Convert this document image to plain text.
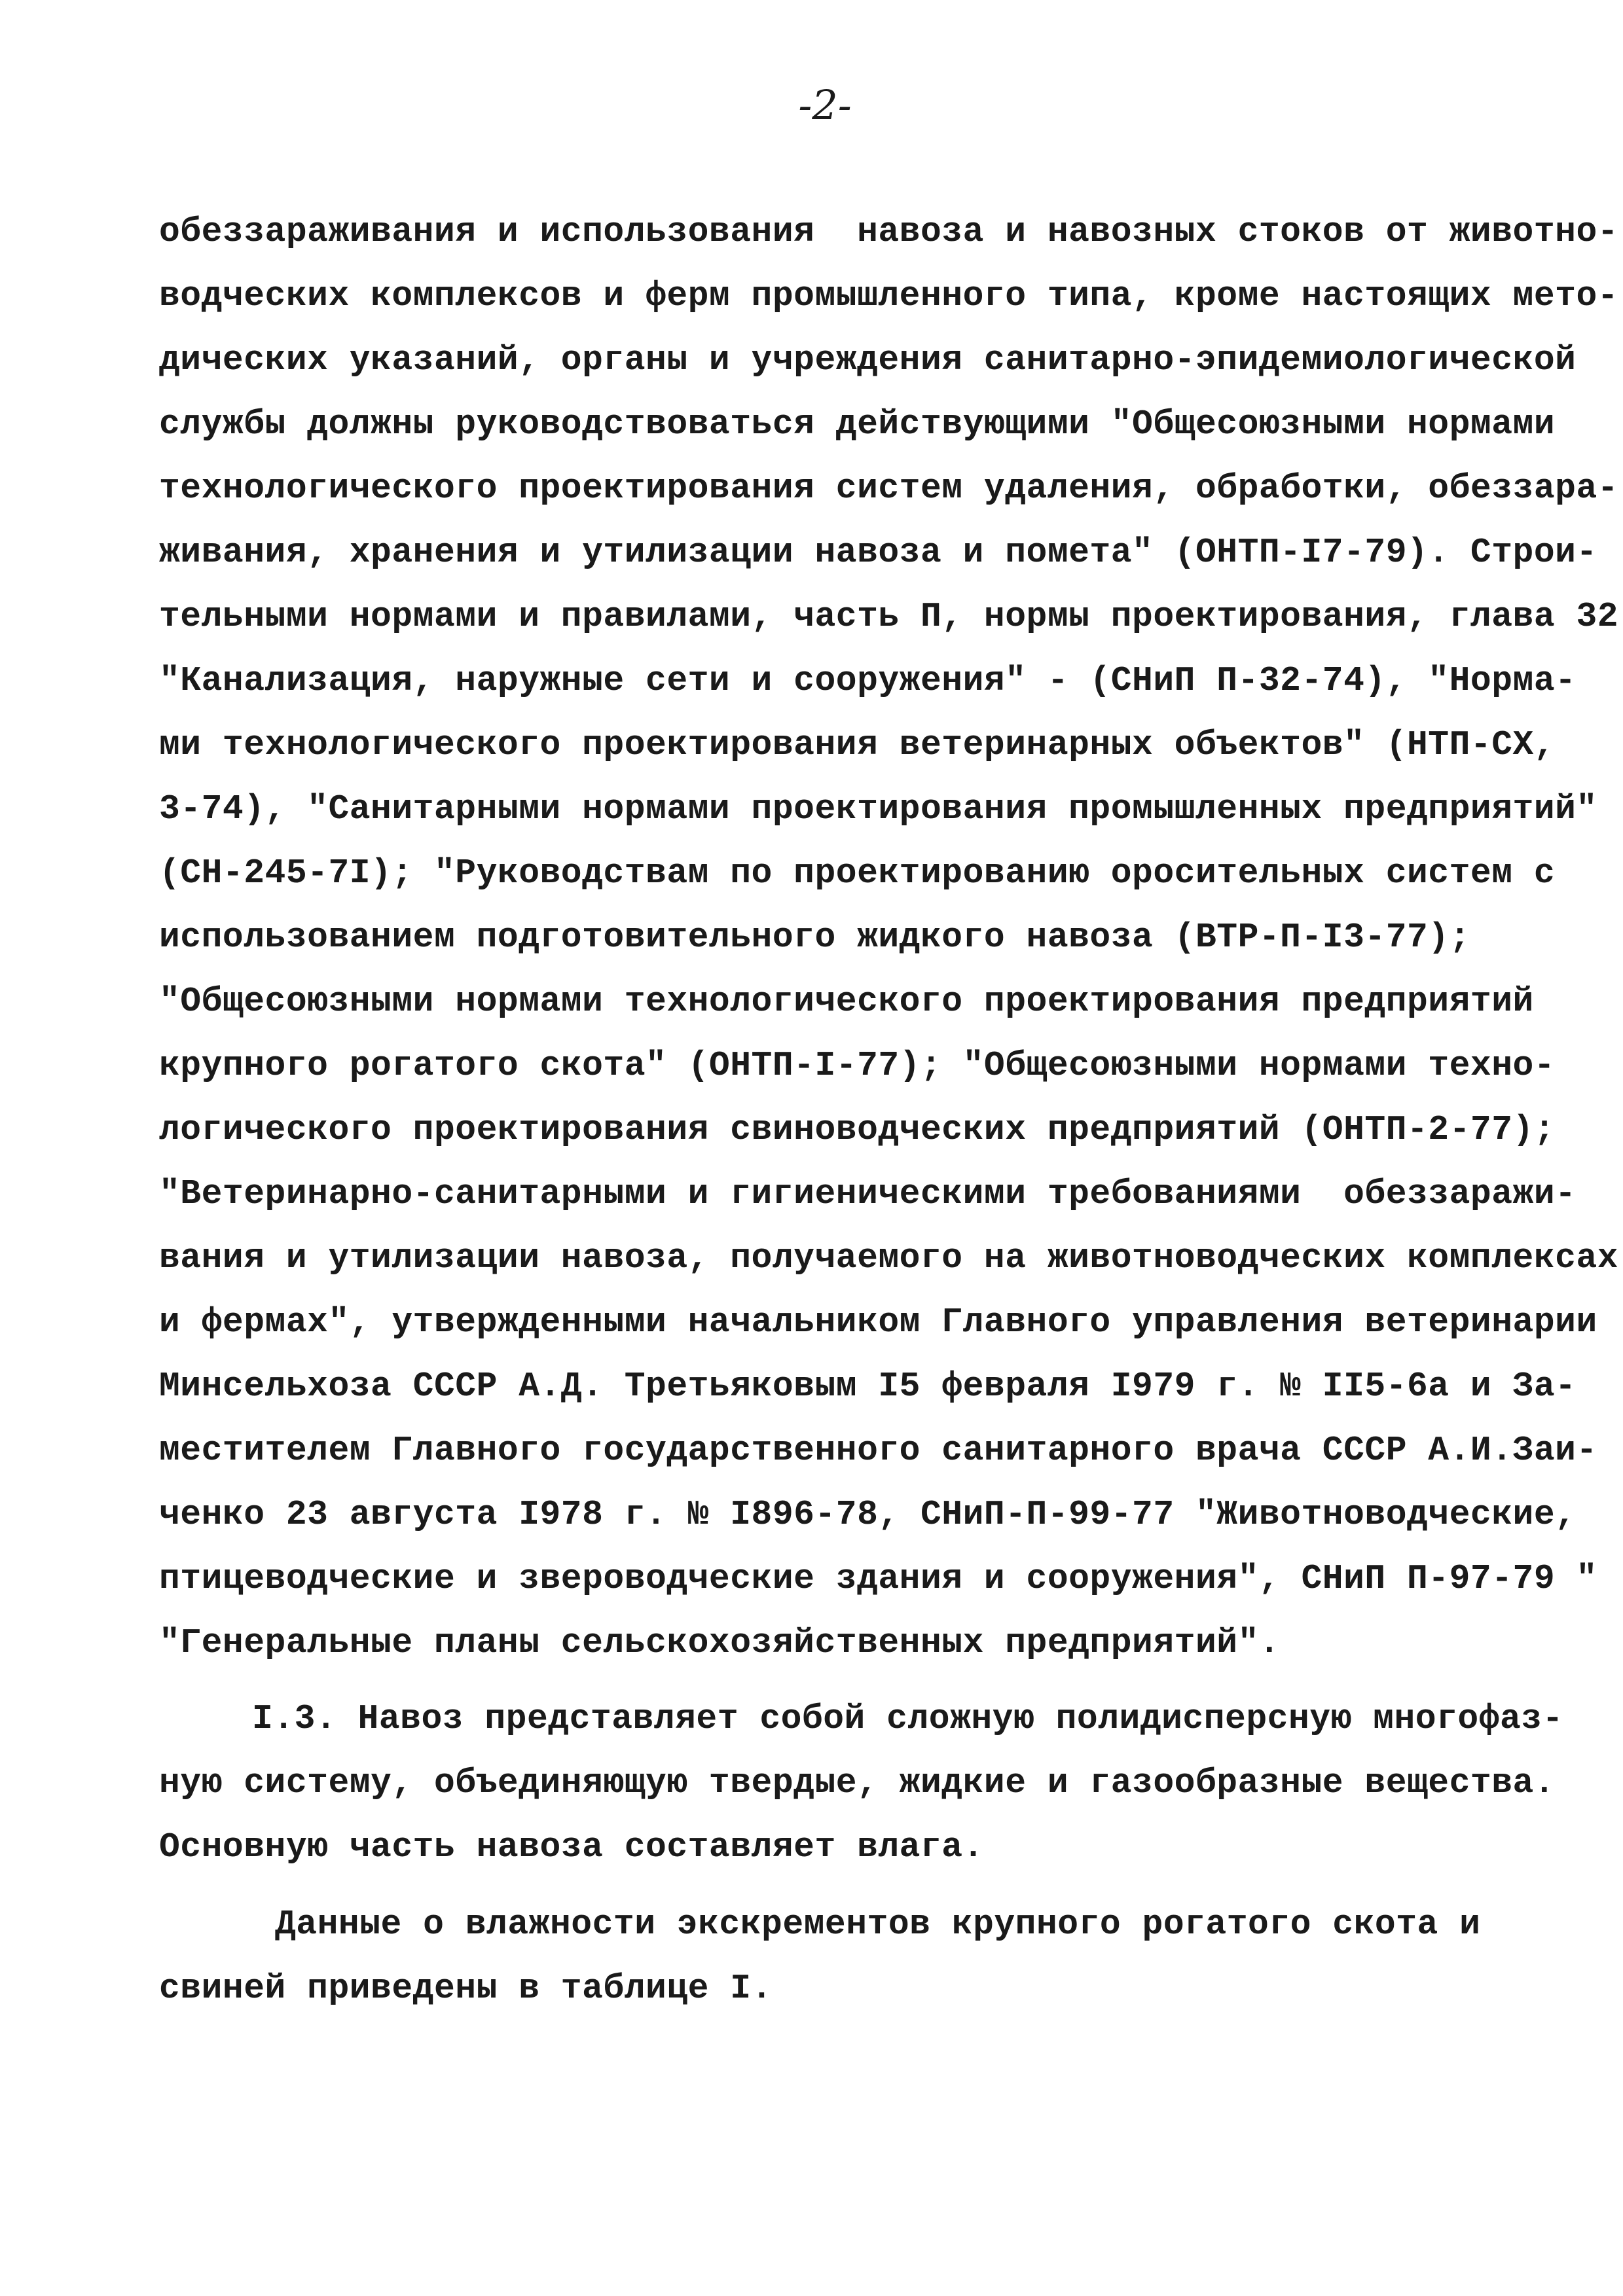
-2-
обеззараживания и использования  навоза и навозных стоков от животно-
водческих комплексов и ферм промышленного типа, кроме настоящих мето-
дических указаний, органы и учреждения санитарно-эпидемиологической
службы должны руководствоваться действующими "Общесоюзными нормами
технологического проектирования систем удаления, обработки, обеззара-
живания, хранения и утилизации навоза и помета" (ОНТП-I7-79). Строи-
тельными нормами и правилами, часть П, нормы проектирования, глава 32
"Канализация, наружные сети и сооружения" - (СНиП П-32-74), "Норма-
ми технологического проектирования ветеринарных объектов" (НТП-СХ,
3-74), "Санитарными нормами проектирования промышленных предприятий"
(СН-245-7I); "Руководствам по проектированию оросительных систем с
использованием подготовительного жидкого навоза (ВТР-П-I3-77);
"Общесоюзными нормами технологического проектирования предприятий
крупного рогатого скота" (ОНТП-I-77); "Общесоюзными нормами техно-
логического проектирования свиноводческих предприятий (ОНТП-2-77);
"Ветеринарно-санитарными и гигиеническими требованиями  обеззаражи-
вания и утилизации навоза, получаемого на животноводческих комплексах
и фермах", утвержденными начальником Главного управления ветеринарии
Минсельхоза СССР А.Д. Третьяковым I5 февраля I979 г. № II5-6а и За-
местителем Главного государственного санитарного врача СССР А.И.Заи-
ченко 23 августа I978 г. № I896-78, СНиП-П-99-77 "Животноводческие,
птицеводческие и звероводческие здания и сооружения", СНиП П-97-79 "
"Генеральные планы сельскохозяйственных предприятий".
I.3. Навоз представляет собой сложную полидисперсную многофаз-
ную систему, объединяющую твердые, жидкие и газообразные вещества.
Основную часть навоза составляет влага.
Данные о влажности экскрементов крупного рогатого скота и
свиней приведены в таблице I.
